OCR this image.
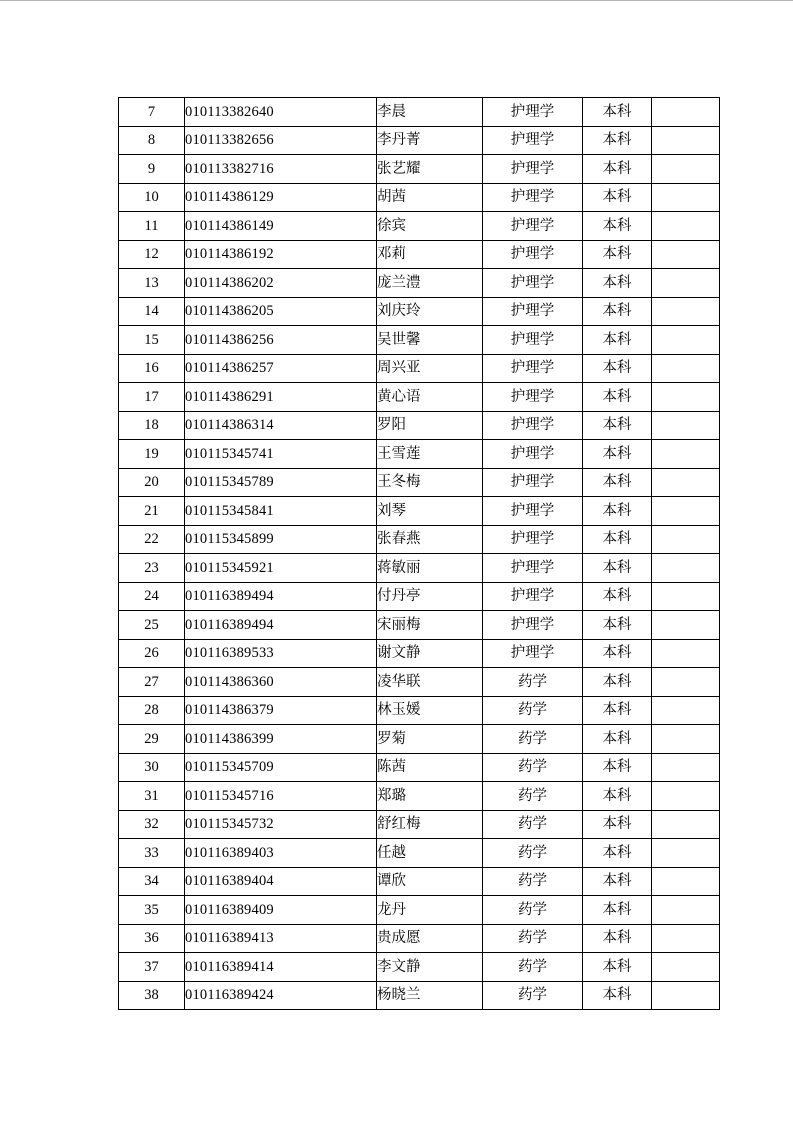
7	010113382640	李晨	护理学	本科	
8	010113382656	李丹菁	护理学	本科	
9	010113382716	张艺耀	护理学	本科	
10	010114386129	胡茜	护理学	本科	
11	010114386149	徐宾	护理学	本科	
12	010114386192	邓莉	护理学	本科	
13	010114386202	庞兰澧	护理学	本科	
14	010114386205	刘庆玲	护理学	本科	
15	010114386256	吴世馨	护理学	本科	
16	010114386257	周兴亚	护理学	本科	
17	010114386291	黄心语	护理学	本科	
18	010114386314	罗阳	护理学	本科	
19	010115345741	王雪莲	护理学	本科	
20	010115345789	王冬梅	护理学	本科	
21	010115345841	刘琴	护理学	本科	
22	010115345899	张春燕	护理学	本科	
23	010115345921	蒋敏丽	护理学	本科	
24	010116389494	付丹亭	护理学	本科	
25	010116389494	宋丽梅	护理学	本科	
26	010116389533	谢文静	护理学	本科	
27	010114386360	凌华联	药学	本科	
28	010114386379	林玉媛	药学	本科	
29	010114386399	罗菊	药学	本科	
30	010115345709	陈茜	药学	本科	
31	010115345716	郑璐	药学	本科	
32	010115345732	舒红梅	药学	本科	
33	010116389403	任越	药学	本科	
34	010116389404	谭欣	药学	本科	
35	010116389409	龙丹	药学	本科	
36	010116389413	贵成愿	药学	本科	
37	010116389414	李文静	药学	本科	
38	010116389424	杨晓兰	药学	本科	
